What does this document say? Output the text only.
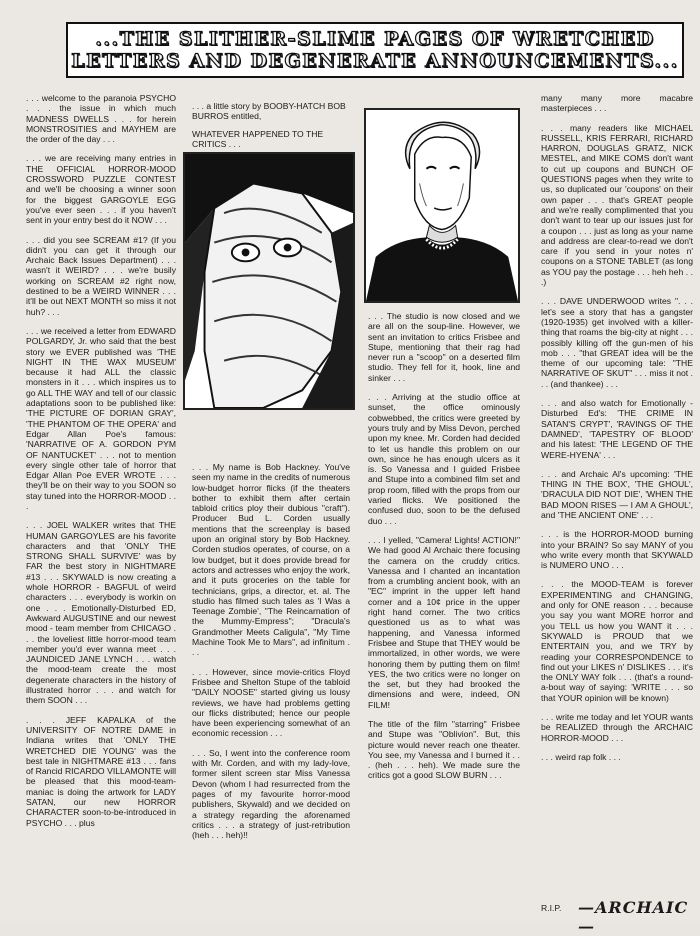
...THE SLITHER-SLIME PAGES OF WRETCHED
LETTERS AND DEGENERATE ANNOUNCEMENTS...

. . . welcome to the paranoia PSYCHO . . . the issue in which much MADNESS DWELLS . . . for herein MONSTROSITIES and MAYHEM are the order of the day . . .

. . . we are receiving many entries in THE OFFICIAL HORROR-MOOD CROSSWORD PUZZLE CONTEST and we'll be choosing a winner soon for the biggest GARGOYLE EGG you've ever seen . . . if you haven't sent in your entry best do it NOW . . .

. . . did you see SCREAM #1? (If you didn't you can get it through our Archaic Back Issues Department) . . . wasn't it WEIRD? . . . we're busily working on SCREAM #2 right now, destined to be a WEIRD WINNER . . . it'll be out NEXT MONTH so miss it not huh? . . .

. . . we received a letter from EDWARD POLGARDY, Jr. who said that the best story we EVER published was 'THE NIGHT IN THE WAX MUSEUM' because it had ALL the classic monsters in it . . . which inspires us to go ALL THE WAY and tell of our classic adaptations soon to be published like: 'THE PICTURE OF DORIAN GRAY', 'THE PHANTOM OF THE OPERA' and Edgar Allan Poe's famous: 'NARRATIVE OF A. GORDON PYM OF NANTUCKET' . . . not to mention every single other tale of horror that Edgar Allan Poe EVER WROTE . . . they'll be on their way to you SOON so stay tuned into the HORROR-MOOD . . .

. . . JOEL WALKER writes that THE HUMAN GARGOYLES are his favorite characters and that 'ONLY THE STRONG SHALL SURVIVE' was by FAR the best story in NIGHTMARE #13 . . . SKYWALD is now creating a whole HORROR - BAGFUL of weird characters . . . everybody is workin on one . . . Emotionally-Disturbed ED, Awkward AUGUSTINE and our newest mood - team member from CHICAGO . . . the loveliest little horror-mood team member you'd ever wanna meet . . . JAUNDICED JANE LYNCH . . . watch the mood-team create the most degenerate characters in the history of illustrated horror . . . and watch for them SOON . . .

. . . JEFF KAPALKA of the UNIVERSITY OF NOTRE DAME in Indiana writes that 'ONLY THE WRETCHED DIE YOUNG' was the best tale in NIGHTMARE #13 . . . fans of Rancid RICARDO VILLAMONTE will be pleased that this mood-team-maniac is doing the artwork for LADY SATAN, our new HORROR CHARACTER soon-to-be-introduced in PSYCHO . . . plus

. . . a little story by BOOBY-HATCH BOB BURROS entitled,

WHATEVER HAPPENED TO THE CRITICS . . .

. . . My name is Bob Hackney. You've seen my name in the credits of numerous low-budget horror flicks (if the theaters bother to exhibit them after certain tabloid critics ploy their dubious "craft"). Producer Bud L. Corden usually mentions that the screenplay is based upon an original story by Bob Hackney. Corden studios operates, of course, on a low budget, but it does provide bread for actors and actresses who enjoy the work, and it puts groceries on the table for technicians, grips, a director, et. al. The studio has filmed such tales as 'I Was a Teenage Zombie', "The Reincarnation of the Mummy-Empress"; "Dracula's Grandmother Meets Caligula", "My Time Machine Took Me to Mars", ad infinitum . . .

. . . However, since movie-critics Floyd Frisbee and Shelton Stupe of the tabloid "DAILY NOOSE" started giving us lousy reviews, we have had problems getting our flicks distributed; hence our people have been experiencing somewhat of an economic recession . . .

. . . So, I went into the conference room with Mr. Corden, and with my lady-love, former silent screen star Miss Vanessa Devon (whom I had resurrected from the pages of my favourite horror-mood publishers, Skywald) and we decided on a strategy regarding the aforenamed critics . . . a strategy of just-retribution (heh . . . heh)!!

. . . The studio is now closed and we are all on the soup-line. However, we sent an invitation to critics Frisbee and Stupe, mentioning that their rag had never run a "scoop" on a deserted film studio. They fell for it, hook, line and sinker . . .

. . . Arriving at the studio office at sunset, the office ominously cobwebbed, the critics were greeted by yours truly and by Miss Devon, perched upon my knee. Mr. Corden had decided to let us handle this problem on our own, since he has enough ulcers as it is. So Vanessa and I guided Frisbee and Stupe into a combined film set and prop room, filled with the props from our varied flicks. We positioned the confused duo, soon to be the defused duo . . .

. . . I yelled, "Camera! Lights! ACTION!" We had good Al Archaic there focusing the camera on the cruddy critics. Vanessa and I chanted an incantation from a crumbling ancient book, with an "EC" imprint in the upper left hand corner and a 10¢ price in the upper right hand corner. The two critics questioned us as to what was happening, and Vanessa informed Frisbee and Stupe that THEY would be immortalized, in other words, we were honoring them by putting them on film! YES, the two critics were no longer on the set, but they had brooked the dimensions and were, indeed, ON FILM!

The title of the film "starring" Frisbee and Stupe was "Oblivion". But, this picture would never reach one theater. You see, my Vanessa and I burned it . . . (heh . . . heh). We made sure the critics got a good SLOW BURN . . .

many many more macabre masterpieces . . .

. . . many readers like MICHAEL RUSSELL, KRIS FERRARI, RICHARD HARRON, DOUGLAS GRATZ, NICK MESTEL, and MIKE COMS don't want to cut up coupons and BUNCH OF QUESTIONS pages when they write to us, so duplicated our 'coupons' on their own paper . . . that's GREAT people and we're really complimented that you don't want to tear up our issues just for a coupon . . . just as long as your name and address are clear-to-read we don't care if you send in your notes n' coupons on a STONE TABLET (as long as YOU pay the postage . . . heh heh . . .)

. . . DAVE UNDERWOOD writes ". . . let's see a story that has a gangster (1920-1935) get involved with a killer-thing that roams the big-city at night . . . possibly killing off the gun-men of his mob . . . "that GREAT idea will be the theme of our upcoming tale: "THE NARRATIVE OF SKUT" . . . miss it not . . . (and thankee) . . .

. . . and also watch for Emotionally - Disturbed Ed's: 'THE CRIME IN SATAN'S CRYPT', 'RAVINGS OF THE DAMNED', 'TAPESTRY OF BLOOD' and his latest: 'THE LEGEND OF THE WERE-HYENA' . . .

. . . and Archaic Al's upcoming: 'THE THING IN THE BOX', 'THE GHOUL', 'DRACULA DID NOT DIE', 'WHEN THE BAD MOON RISES — I AM A GHOUL', and 'THE ANCIENT ONE' . . .

. . . is the HORROR-MOOD burning into your BRAIN? So say MANY of you who write every month that SKYWALD is NUMERO UNO . . .

. . . the MOOD-TEAM is forever EXPERIMENTING and CHANGING, and only for ONE reason . . . because you say you want MORE horror and you TELL us how you WANT it . . . SKYWALD is PROUD that we ENTERTAIN you, and we TRY by reading your CORRESPONDENCE to find out your LIKES n' DISLIKES . . . it's the ONLY WAY folk . . . (that's a round-a-bout way of saying: 'WRITE . . . so that YOUR opinion will be known)

. . . write me today and let YOUR wants be REALIZED through the ARCHAIC HORROR-MOOD . . .

. . . weird rap folk . . .

R.I.P. —ARCHAIC—
